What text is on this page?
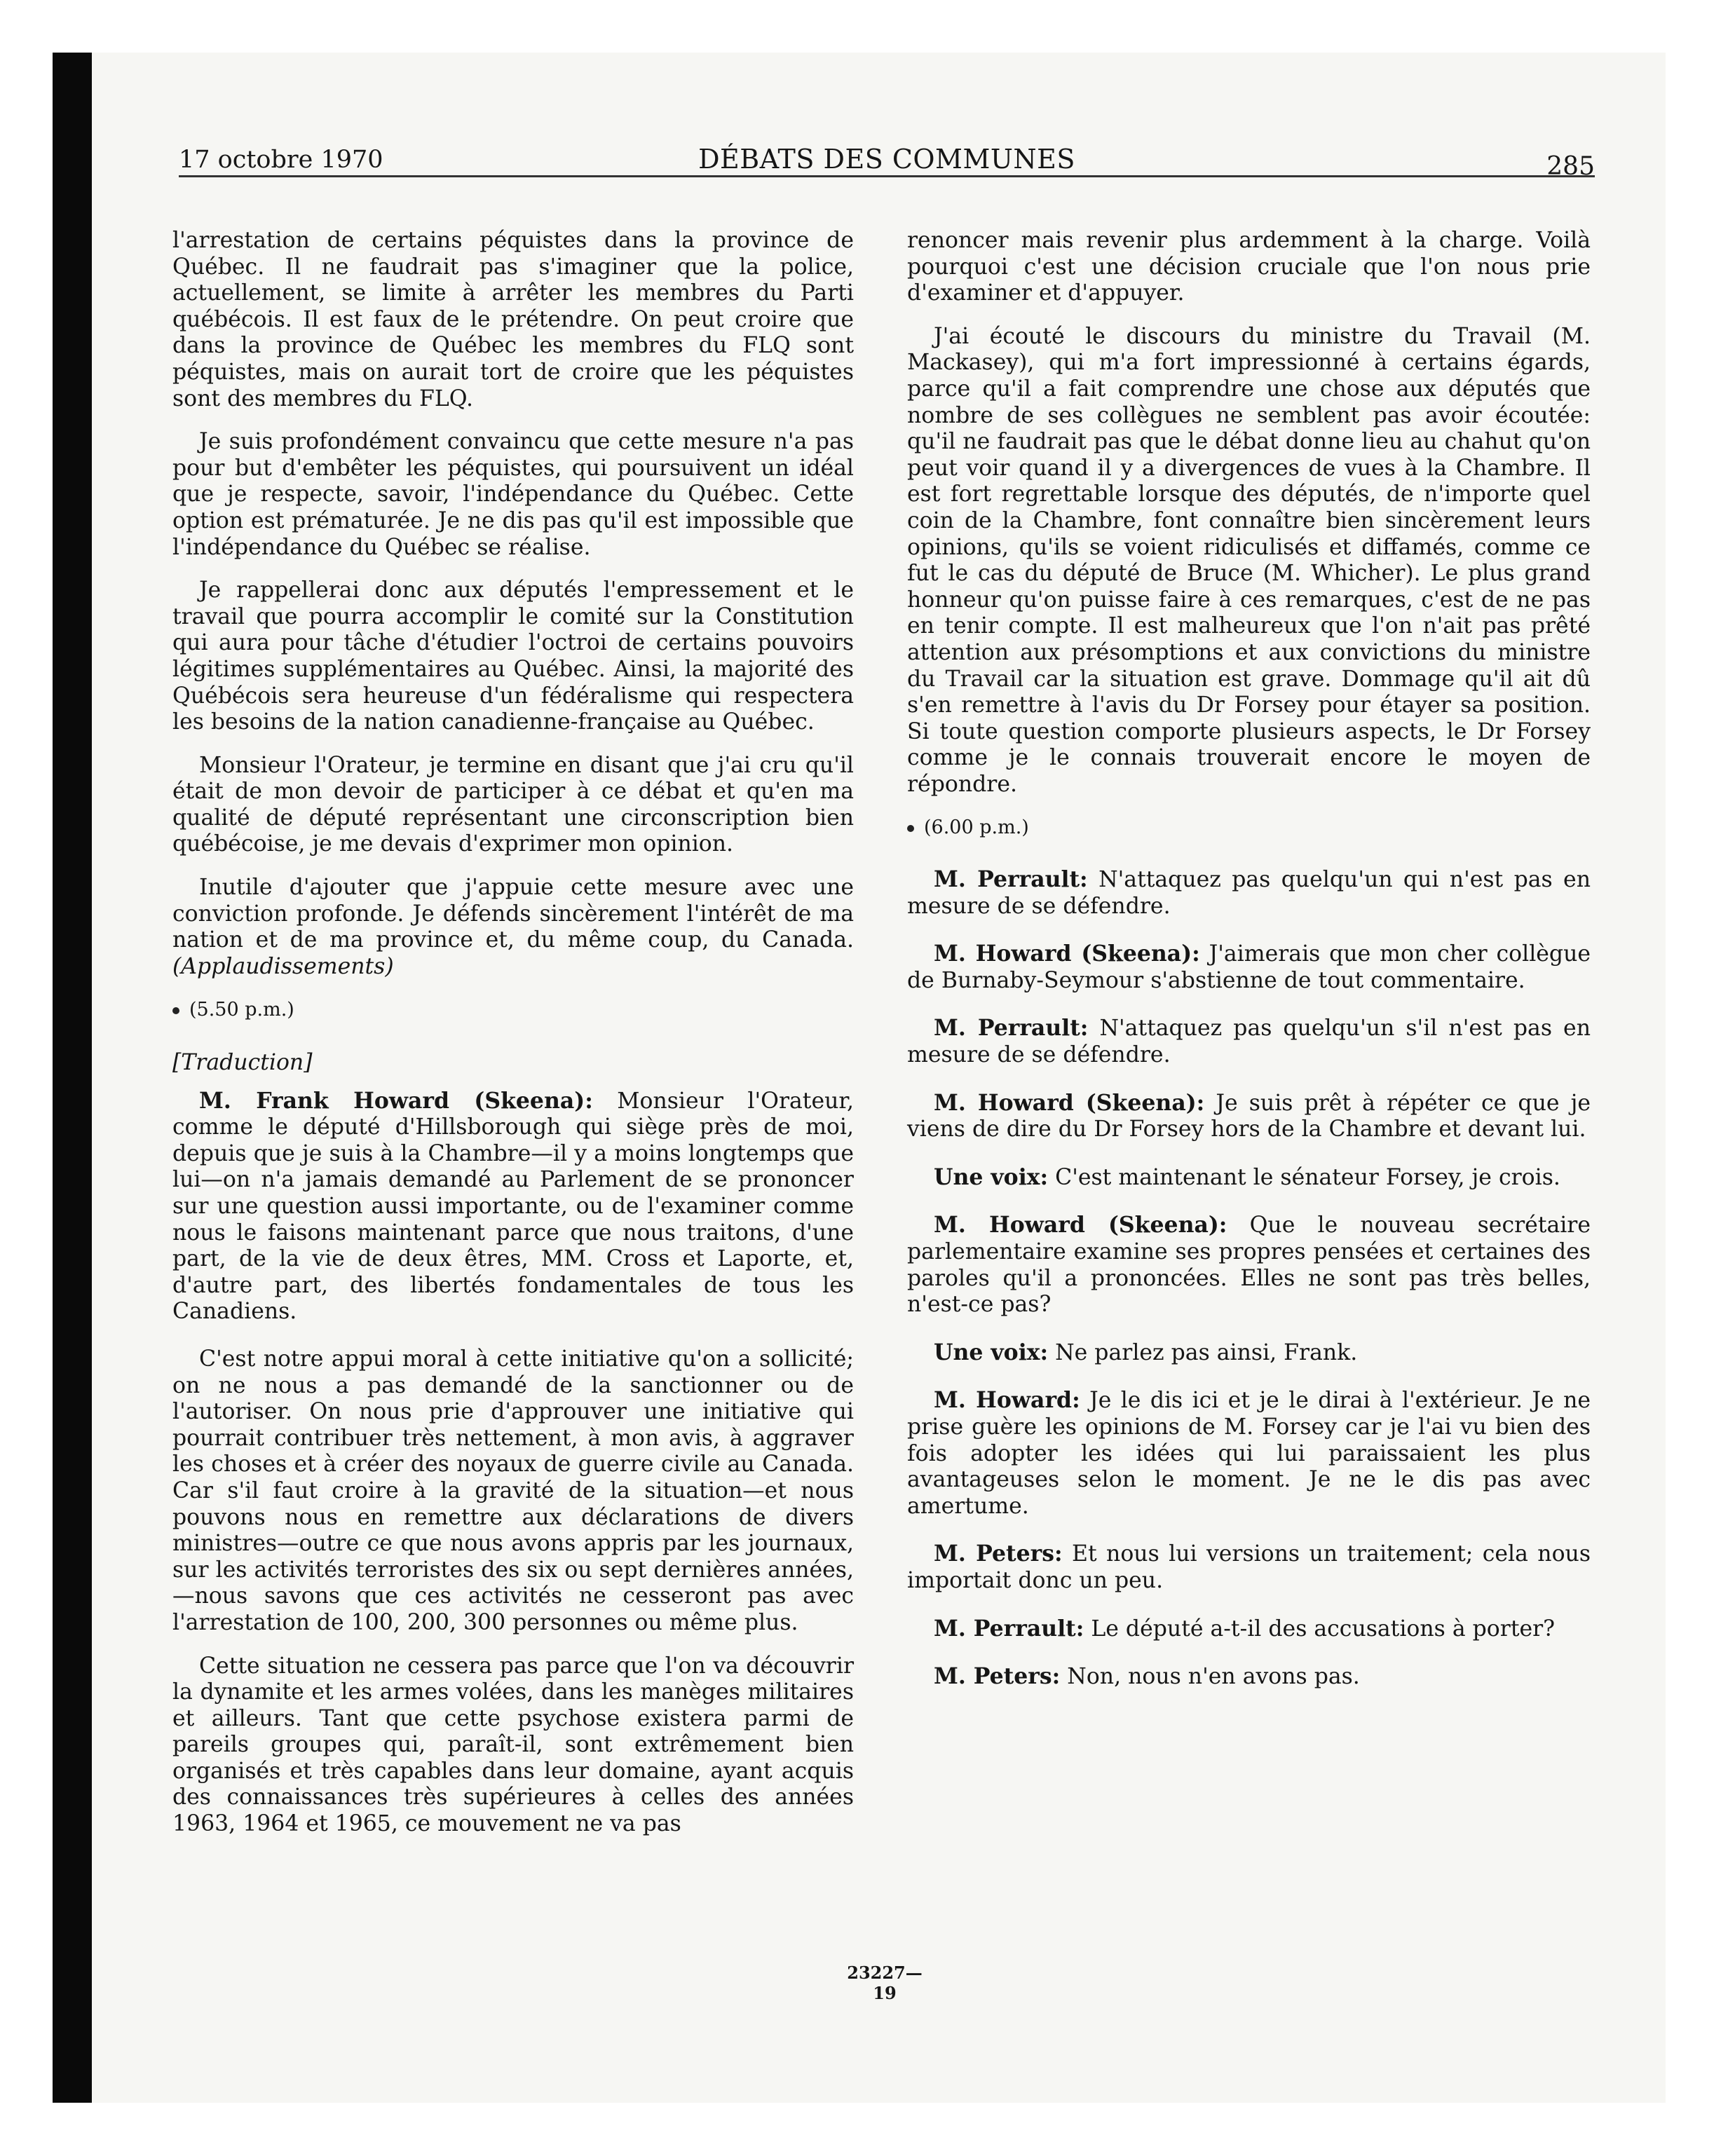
17 octobre 1970	DÉBATS DES COMMUNES	285

l'arrestation de certains péquistes dans la province de Québec. Il ne faudrait pas s'imaginer que la police, actuellement, se limite à arrêter les membres du Parti québécois. Il est faux de le prétendre. On peut croire que dans la province de Québec les membres du FLQ sont péquistes, mais on aurait tort de croire que les péquistes sont des membres du FLQ.

Je suis profondément convaincu que cette mesure n'a pas pour but d'embêter les péquistes, qui poursuivent un idéal que je respecte, savoir, l'indépendance du Québec. Cette option est prématurée. Je ne dis pas qu'il est impossible que l'indépendance du Québec se réalise.

Je rappellerai donc aux députés l'empressement et le travail que pourra accomplir le comité sur la Constitution qui aura pour tâche d'étudier l'octroi de certains pouvoirs légitimes supplémentaires au Québec. Ainsi, la majorité des Québécois sera heureuse d'un fédéralisme qui respectera les besoins de la nation canadienne-française au Québec.

Monsieur l'Orateur, je termine en disant que j'ai cru qu'il était de mon devoir de participer à ce débat et qu'en ma qualité de député représentant une circonscription bien québécoise, je me devais d'exprimer mon opinion.

Inutile d'ajouter que j'appuie cette mesure avec une conviction profonde. Je défends sincèrement l'intérêt de ma nation et de ma province et, du même coup, du Canada. (Applaudissements)

(5.50 p.m.)

[Traduction]

M. Frank Howard (Skeena): Monsieur l'Orateur, comme le député d'Hillsborough qui siège près de moi, depuis que je suis à la Chambre—il y a moins longtemps que lui—on n'a jamais demandé au Parlement de se prononcer sur une question aussi importante, ou de l'examiner comme nous le faisons maintenant parce que nous traitons, d'une part, de la vie de deux êtres, MM. Cross et Laporte, et, d'autre part, des libertés fondamentales de tous les Canadiens.

C'est notre appui moral à cette initiative qu'on a sollicité; on ne nous a pas demandé de la sanctionner ou de l'autoriser. On nous prie d'approuver une initiative qui pourrait contribuer très nettement, à mon avis, à aggraver les choses et à créer des noyaux de guerre civile au Canada. Car s'il faut croire à la gravité de la situation—et nous pouvons nous en remettre aux déclarations de divers ministres—outre ce que nous avons appris par les journaux, sur les activités terroristes des six ou sept dernières années,—nous savons que ces activités ne cesseront pas avec l'arrestation de 100, 200, 300 personnes ou même plus.

Cette situation ne cessera pas parce que l'on va découvrir la dynamite et les armes volées, dans les manèges militaires et ailleurs. Tant que cette psychose existera parmi de pareils groupes qui, paraît-il, sont extrêmement bien organisés et très capables dans leur domaine, ayant acquis des connaissances très supérieures à celles des années 1963, 1964 et 1965, ce mouvement ne va pas

renoncer mais revenir plus ardemment à la charge. Voilà pourquoi c'est une décision cruciale que l'on nous prie d'examiner et d'appuyer.

J'ai écouté le discours du ministre du Travail (M. Mackasey), qui m'a fort impressionné à certains égards, parce qu'il a fait comprendre une chose aux députés que nombre de ses collègues ne semblent pas avoir écoutée: qu'il ne faudrait pas que le débat donne lieu au chahut qu'on peut voir quand il y a divergences de vues à la Chambre. Il est fort regrettable lorsque des députés, de n'importe quel coin de la Chambre, font connaître bien sincèrement leurs opinions, qu'ils se voient ridiculisés et diffamés, comme ce fut le cas du député de Bruce (M. Whicher). Le plus grand honneur qu'on puisse faire à ces remarques, c'est de ne pas en tenir compte. Il est malheureux que l'on n'ait pas prêté attention aux présomptions et aux convictions du ministre du Travail car la situation est grave. Dommage qu'il ait dû s'en remettre à l'avis du Dr Forsey pour étayer sa position. Si toute question comporte plusieurs aspects, le Dr Forsey comme je le connais trouverait encore le moyen de répondre.

(6.00 p.m.)

M. Perrault: N'attaquez pas quelqu'un qui n'est pas en mesure de se défendre.

M. Howard (Skeena): J'aimerais que mon cher collègue de Burnaby-Seymour s'abstienne de tout commentaire.

M. Perrault: N'attaquez pas quelqu'un s'il n'est pas en mesure de se défendre.

M. Howard (Skeena): Je suis prêt à répéter ce que je viens de dire du Dr Forsey hors de la Chambre et devant lui.

Une voix: C'est maintenant le sénateur Forsey, je crois.

M. Howard (Skeena): Que le nouveau secrétaire parlementaire examine ses propres pensées et certaines des paroles qu'il a prononcées. Elles ne sont pas très belles, n'est-ce pas?

Une voix: Ne parlez pas ainsi, Frank.

M. Howard: Je le dis ici et je le dirai à l'extérieur. Je ne prise guère les opinions de M. Forsey car je l'ai vu bien des fois adopter les idées qui lui paraissaient les plus avantageuses selon le moment. Je ne le dis pas avec amertume.

M. Peters: Et nous lui versions un traitement; cela nous importait donc un peu.

M. Perrault: Le député a-t-il des accusations à porter?

M. Peters: Non, nous n'en avons pas.

23227—19
